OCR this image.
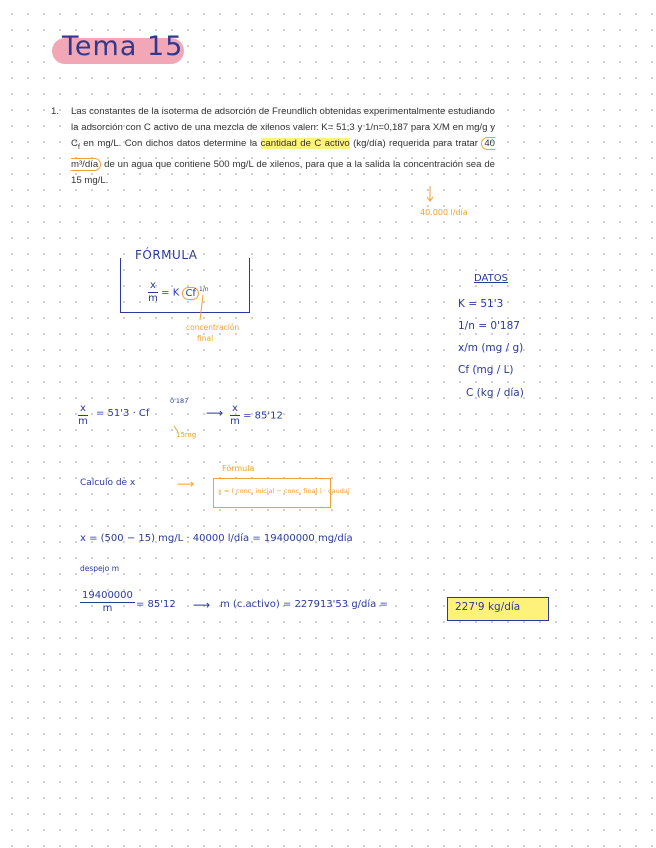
Tema 15
1. Las constantes de la isoterma de adsorción de Freundlich obtenidas experimentalmente estudiando la adsorción con C activo de una mezcla de xilenos valen: K= 51,3 y 1/n=0,187 para X/M en mg/g y $C_f$ en mg/L. Con dichos datos determine la cantidad de C activo (kg/día) requerida para tratar 40 m³/día de un agua que contiene 500 mg/L de xilenos, para que a la salida la concentración sea de 15 mg/L.
40.000 l/día
FÓRMULA
$\frac{x}{m} = K$ Cf $^{1/n}$
concentración
final
DATOS
K = 51'3
1/n = 0'187
x/m (mg / g)
Cf (mg / L)
C (kg / día)
$\frac{x}{m} = 51'3 \cdot Cf$
0'187
15mg
⟶ $\frac{x}{m} = 85'12$
Calculo de x	⟶
Fórmula
x = ( conc. inicial − conc. final ) · caudal
x = (500 − 15) mg/L · 40000 l/día = 19400000 mg/día
despejo m
$\frac{19400000}{m} = 85'12$ ⟶ m (c.activo) = 227913'53 g/día =	227'9 kg/día
